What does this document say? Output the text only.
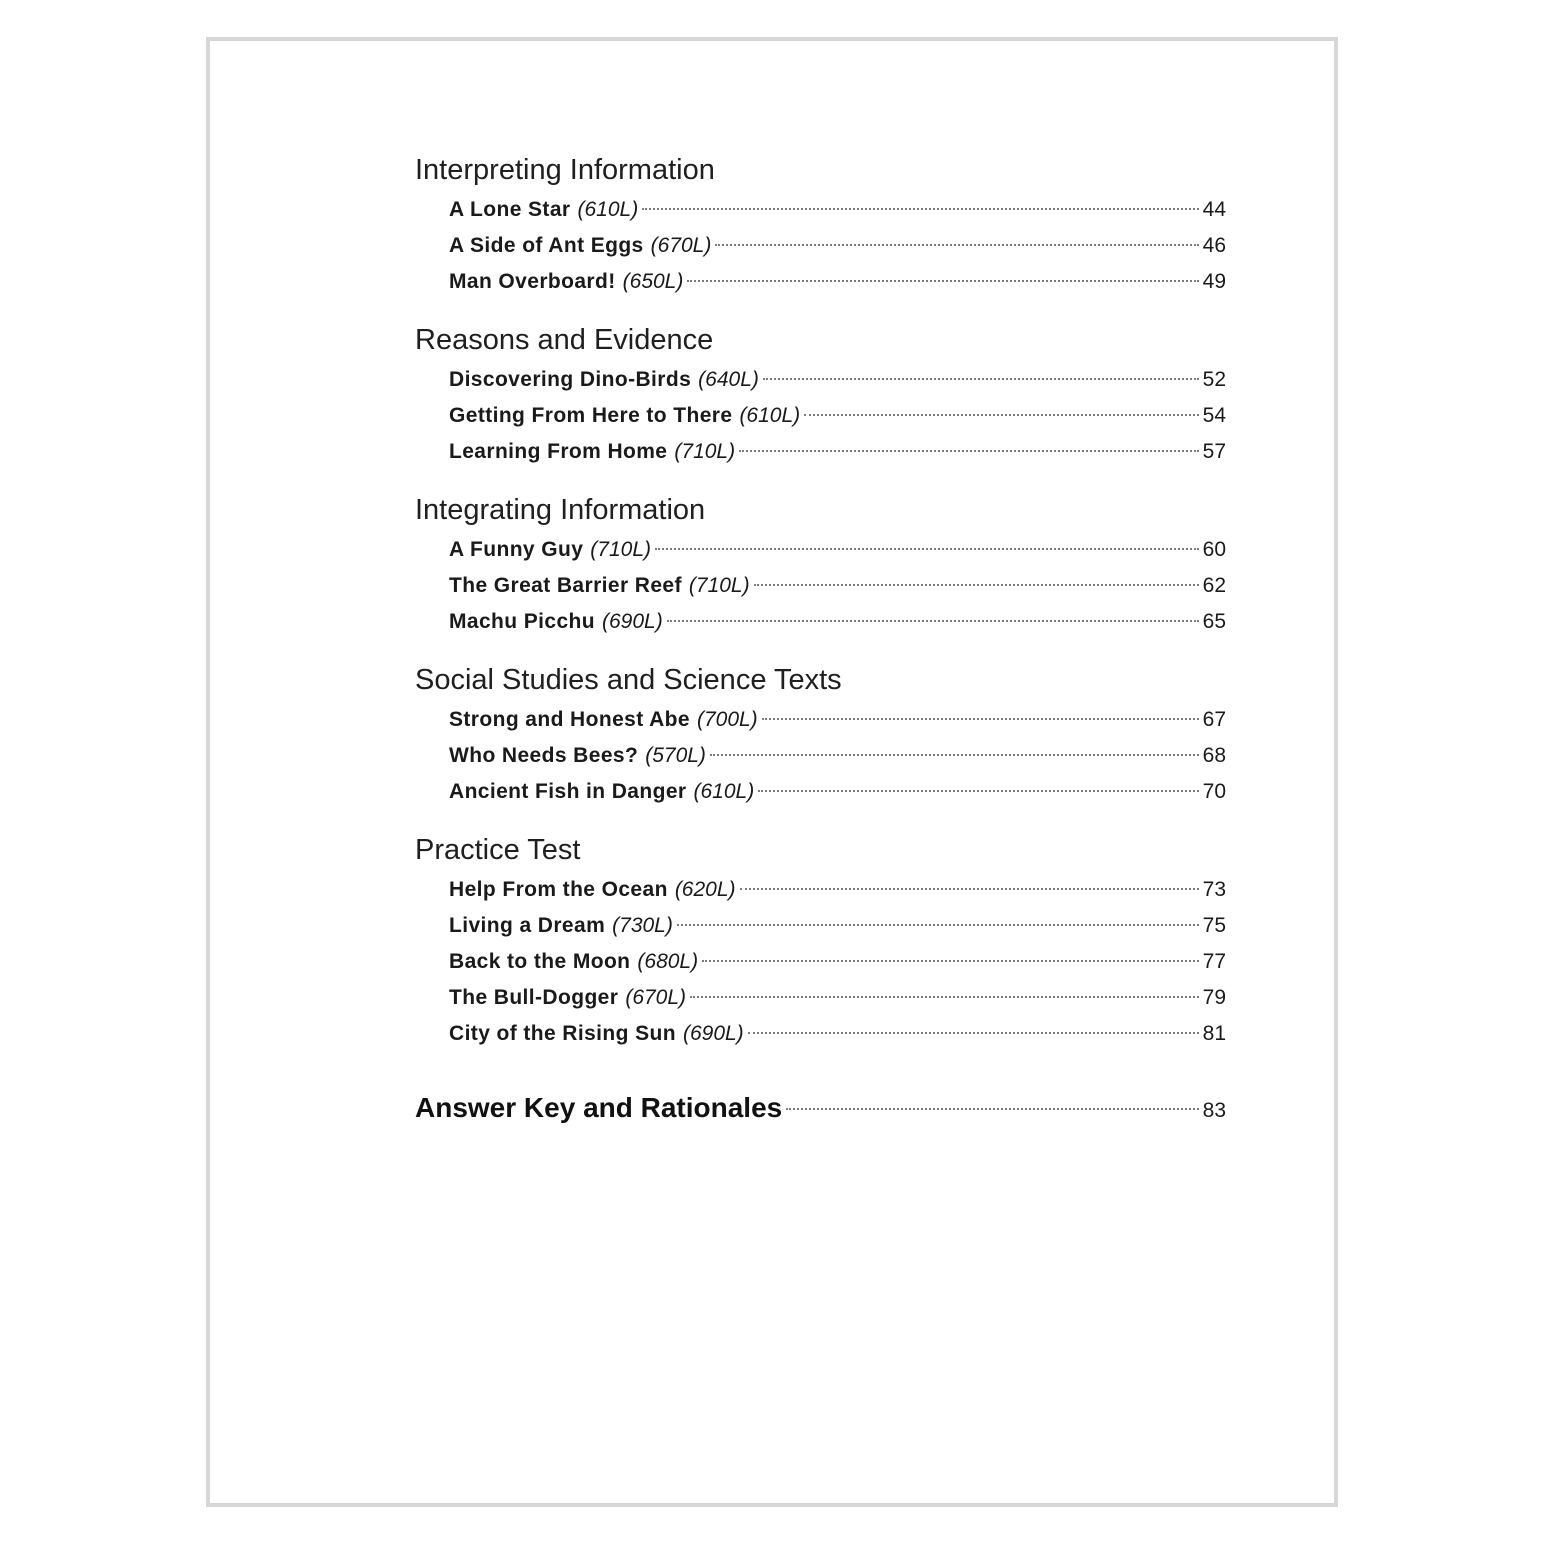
Interpreting Information
A Lone Star (610L)	44
A Side of Ant Eggs (670L)	46
Man Overboard! (650L)	49
Reasons and Evidence
Discovering Dino-Birds (640L)	52
Getting From Here to There (610L)	54
Learning From Home (710L)	57
Integrating Information
A Funny Guy (710L)	60
The Great Barrier Reef (710L)	62
Machu Picchu (690L)	65
Social Studies and Science Texts
Strong and Honest Abe (700L)	67
Who Needs Bees? (570L)	68
Ancient Fish in Danger (610L)	70
Practice Test
Help From the Ocean (620L)	73
Living a Dream (730L)	75
Back to the Moon (680L)	77
The Bull-Dogger (670L)	79
City of the Rising Sun (690L)	81
Answer Key and Rationales	83
